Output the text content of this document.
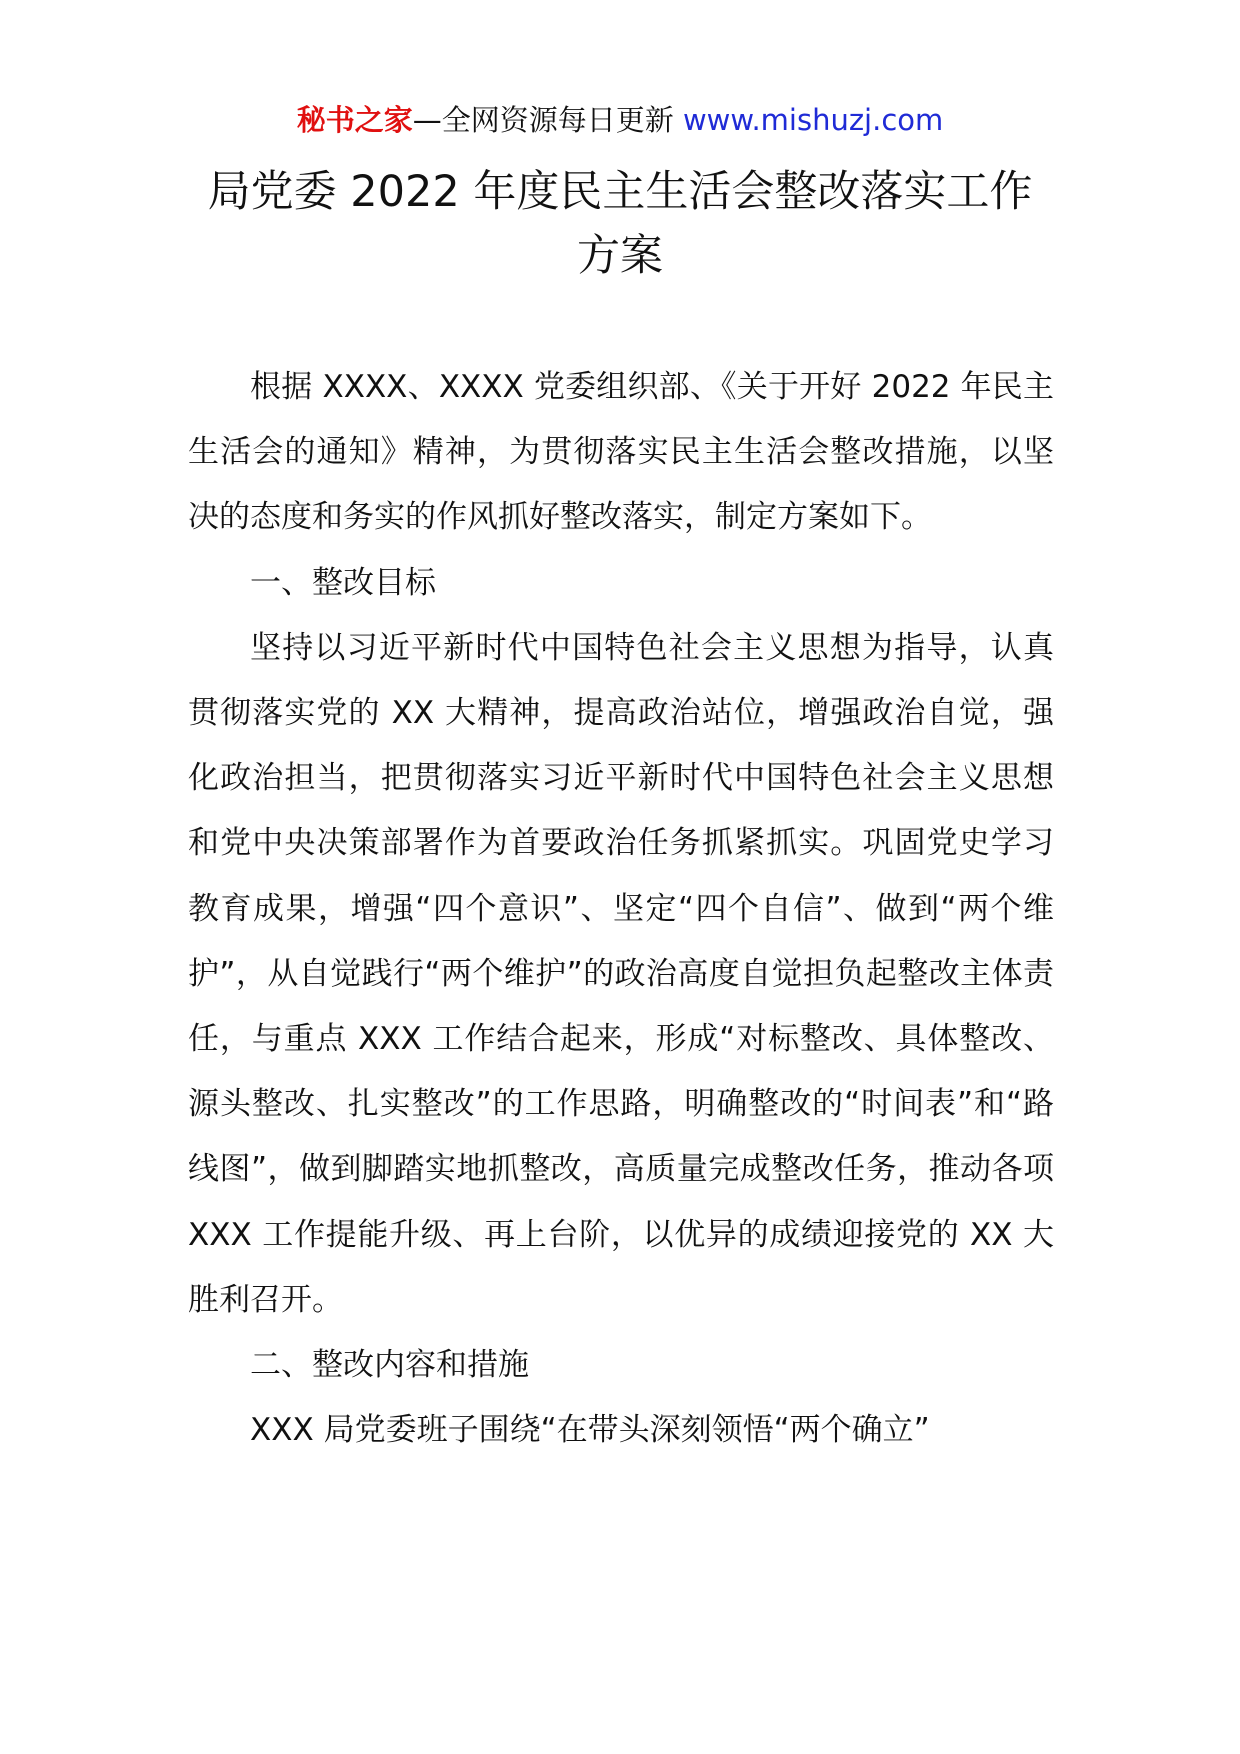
秘书之家—全网资源每日更新 www.mishuzj.com
局党委 2022 年度民主生活会整改落实工作
方案

根据 XXXX、XXXX 党委组织部、《关于开好 2022 年民主生活会的通知》精神，为贯彻落实民主生活会整改措施，以坚决的态度和务实的作风抓好整改落实，制定方案如下。

一、整改目标

坚持以习近平新时代中国特色社会主义思想为指导，认真贯彻落实党的 XX 大精神，提高政治站位，增强政治自觉，强化政治担当，把贯彻落实习近平新时代中国特色社会主义思想和党中央决策部署作为首要政治任务抓紧抓实。巩固党史学习教育成果，增强“四个意识”、坚定“四个自信”、做到“两个维护”，从自觉践行“两个维护”的政治高度自觉担负起整改主体责任，与重点 XXX 工作结合起来，形成“对标整改、具体整改、源头整改、扎实整改”的工作思路，明确整改的“时间表”和“路线图”，做到脚踏实地抓整改，高质量完成整改任务，推动各项 XXX 工作提能升级、再上台阶，以优异的成绩迎接党的 XX 大胜利召开。

二、整改内容和措施

XXX 局党委班子围绕“在带头深刻领悟“两个确立”
